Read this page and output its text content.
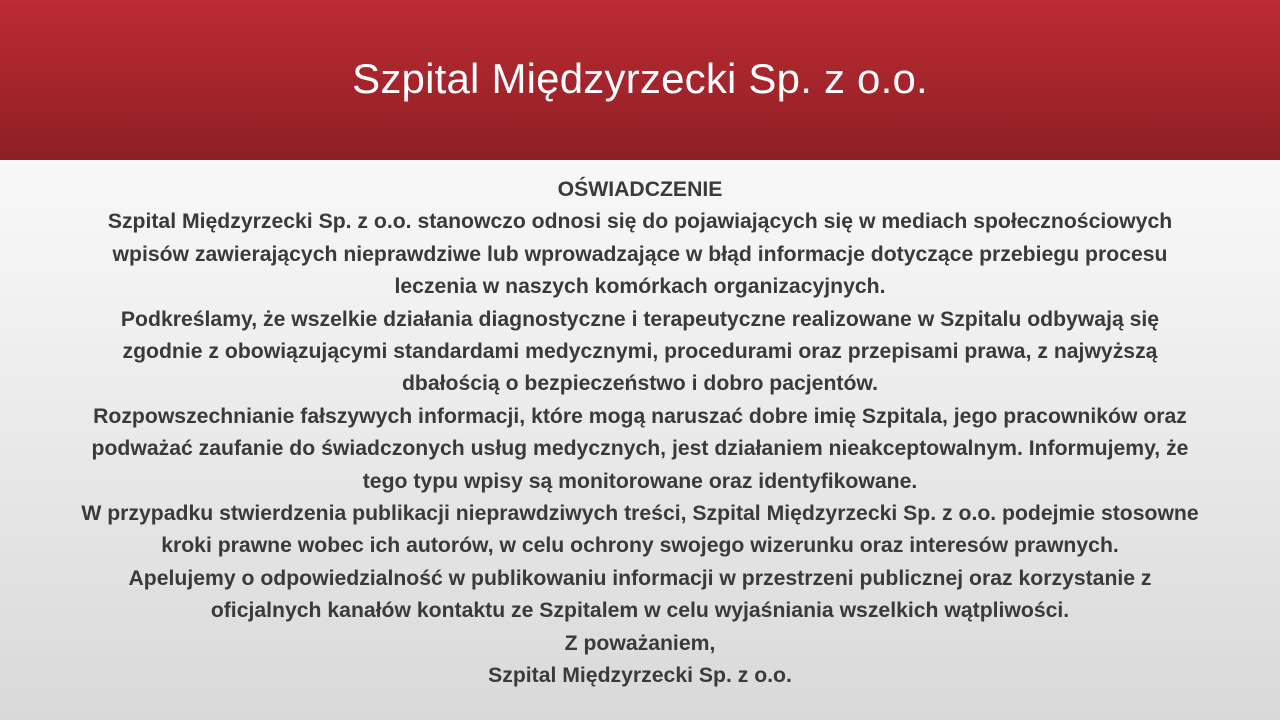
Szpital Międzyrzecki Sp. z o.o.

OŚWIADCZENIE

Szpital Międzyrzecki Sp. z o.o. stanowczo odnosi się do pojawiających się w mediach społecznościowych

wpisów zawierających nieprawdziwe lub wprowadzające w błąd informacje dotyczące przebiegu procesu

leczenia w naszych komórkach organizacyjnych.

Podkreślamy, że wszelkie działania diagnostyczne i terapeutyczne realizowane w Szpitalu odbywają się

zgodnie z obowiązującymi standardami medycznymi, procedurami oraz przepisami prawa, z najwyższą

dbałością o bezpieczeństwo i dobro pacjentów.

Rozpowszechnianie fałszywych informacji, które mogą naruszać dobre imię Szpitala, jego pracowników oraz

podważać zaufanie do świadczonych usług medycznych, jest działaniem nieakceptowalnym. Informujemy, że

tego typu wpisy są monitorowane oraz identyfikowane.

W przypadku stwierdzenia publikacji nieprawdziwych treści, Szpital Międzyrzecki Sp. z o.o. podejmie stosowne

kroki prawne wobec ich autorów, w celu ochrony swojego wizerunku oraz interesów prawnych.

Apelujemy o odpowiedzialność w publikowaniu informacji w przestrzeni publicznej oraz korzystanie z

oficjalnych kanałów kontaktu ze Szpitalem w celu wyjaśniania wszelkich wątpliwości.

Z poważaniem,

Szpital Międzyrzecki Sp. z o.o.
